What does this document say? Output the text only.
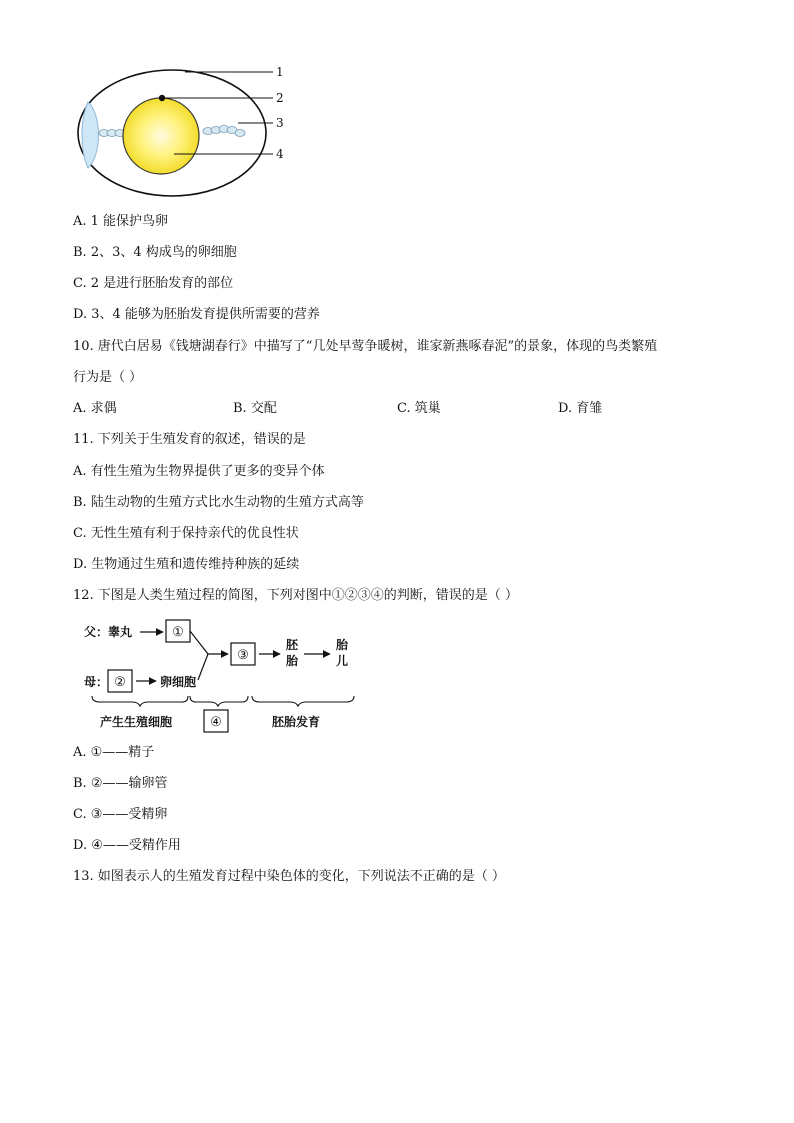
1
2
3
4
A. 1 能保护鸟卵
B. 2、3、4 构成鸟的卵细胞
C. 2 是进行胚胎发育的部位
D. 3、4 能够为胚胎发育提供所需要的营养
10. 唐代白居易《钱塘湖春行》中描写了“几处早莺争暖树，谁家新燕啄春泥”的景象，体现的鸟类繁殖
行为是（ ）
A. 求偶	B. 交配	C. 筑巢	D. 育雏
11. 下列关于生殖发育的叙述，错误的是
A. 有性生殖为生物界提供了更多的变异个体
B. 陆生动物的生殖方式比水生动物的生殖方式高等
C. 无性生殖有利于保持亲代的优良性状
D. 生物通过生殖和遗传维持种族的延续
12. 下图是人类生殖过程的简图，下列对图中①②③④的判断，错误的是（ ）
父：睾丸
母：	卵细胞
胚
胎
胎
儿
产生生殖细胞	胚胎发育
①
②
③
④
A. ①——精子
B. ②——输卵管
C. ③——受精卵
D. ④——受精作用
13. 如图表示人的生殖发育过程中染色体的变化，下列说法不正确的是（ ）
